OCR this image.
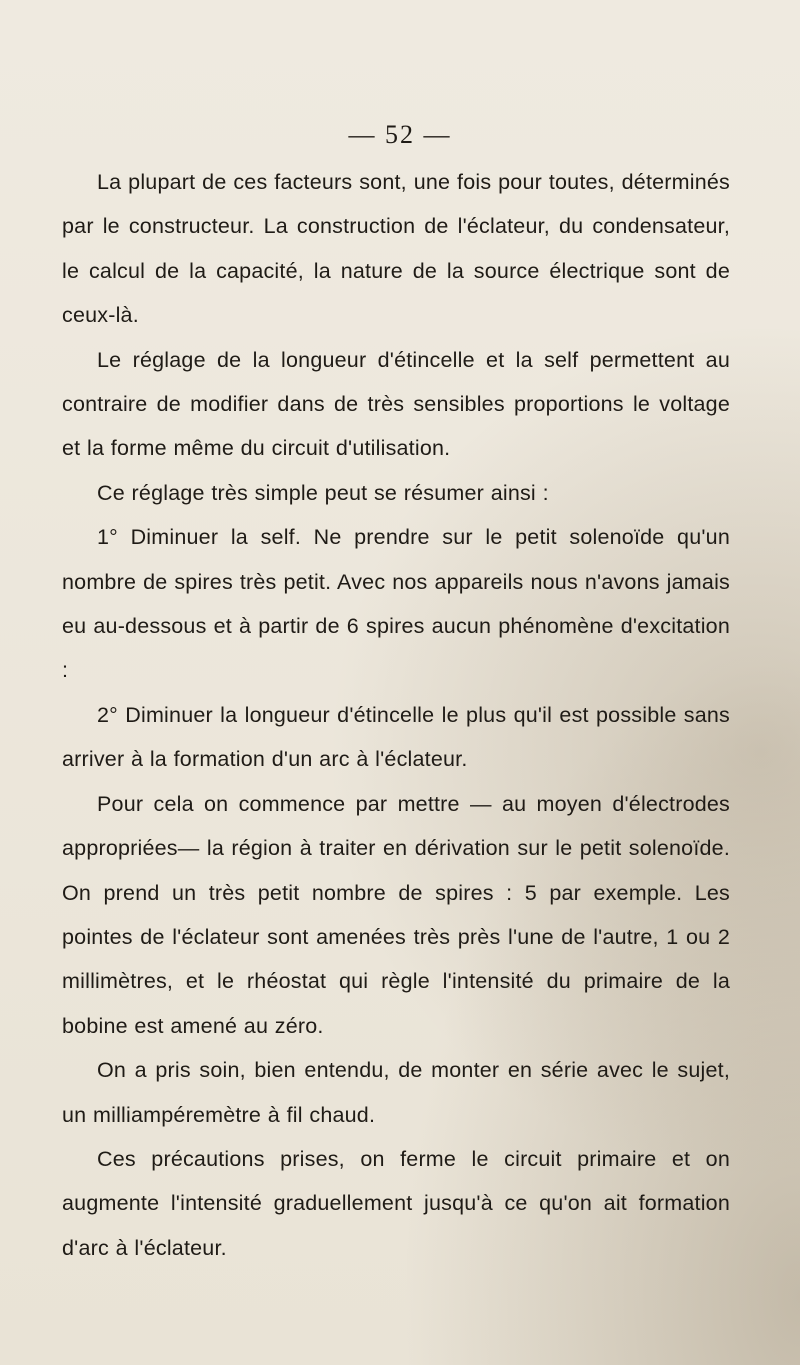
— 52 —

La plupart de ces facteurs sont, une fois pour toutes, déterminés par le constructeur. La construction de l'éclateur, du condensateur, le calcul de la capacité, la nature de la source électrique sont de ceux-là.

Le réglage de la longueur d'étincelle et la self permettent au contraire de modifier dans de très sensibles proportions le voltage et la forme même du circuit d'utilisation.

Ce réglage très simple peut se résumer ainsi :

1° Diminuer la self. Ne prendre sur le petit solenoïde qu'un nombre de spires très petit. Avec nos appareils nous n'avons jamais eu au-dessous et à partir de 6 spires aucun phénomène d'excitation :

2° Diminuer la longueur d'étincelle le plus qu'il est possible sans arriver à la formation d'un arc à l'éclateur.

Pour cela on commence par mettre — au moyen d'électrodes appropriées— la région à traiter en dérivation sur le petit solenoïde. On prend un très petit nombre de spires : 5 par exemple. Les pointes de l'éclateur sont amenées très près l'une de l'autre, 1 ou 2 millimètres, et le rhéostat qui règle l'intensité du primaire de la bobine est amené au zéro.

On a pris soin, bien entendu, de monter en série avec le sujet, un milliampéremètre à fil chaud.

Ces précautions prises, on ferme le circuit primaire et on augmente l'intensité graduellement jusqu'à ce qu'on ait formation d'arc à l'éclateur.
